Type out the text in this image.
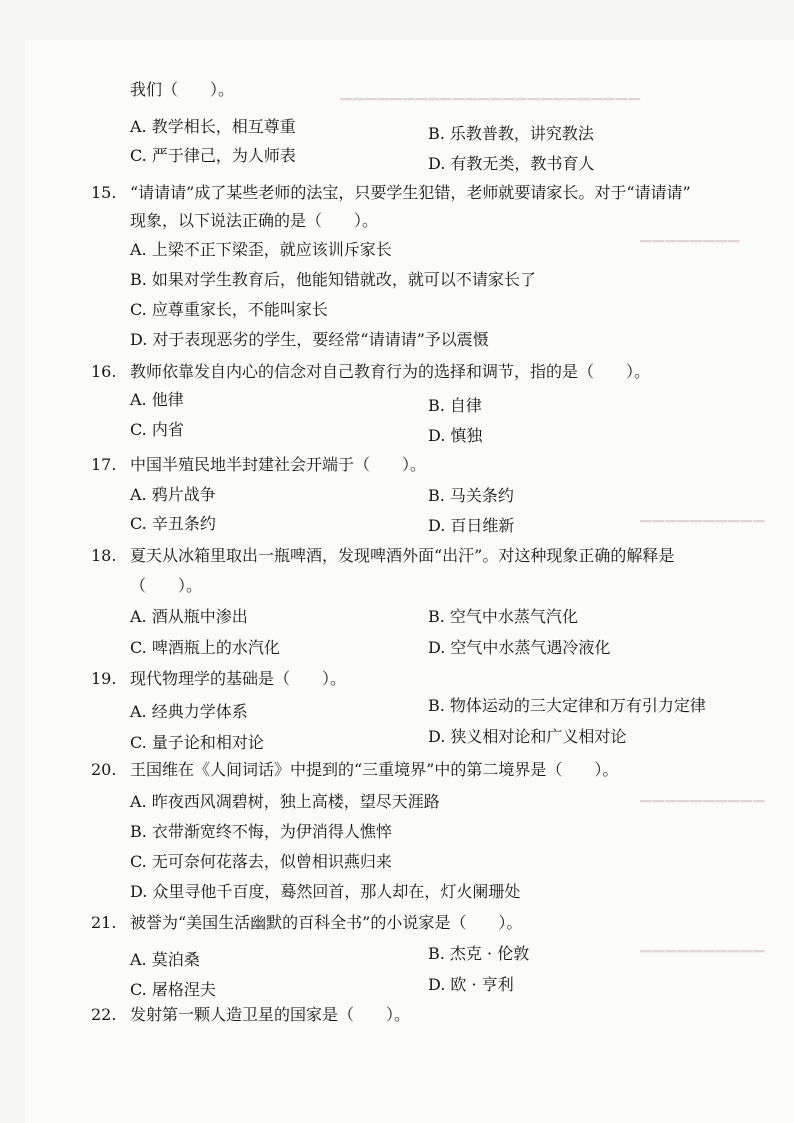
▔▔▔▔▔▔▔▔▔▔▔▔▔▔▔▔▔▔▔▔▔▔▔▔
▔▔▔▔▔▔▔▔
▔▔▔▔▔▔▔▔▔▔
▔▔▔▔▔▔▔▔▔▔
▔▔▔▔▔▔▔▔▔▔
我们（　　）。
A. 教学相长，相互尊重	B. 乐教普教，讲究教法
C. 严于律己，为人师表	D. 有教无类，教书育人
15. “请请请”成了某些老师的法宝，只要学生犯错，老师就要请家长。对于“请请请”
现象，以下说法正确的是（　　）。
A. 上梁不正下梁歪，就应该训斥家长
B. 如果对学生教育后，他能知错就改，就可以不请家长了
C. 应尊重家长，不能叫家长
D. 对于表现恶劣的学生，要经常“请请请”予以震慑
16. 教师依靠发自内心的信念对自己教育行为的选择和调节，指的是（　　）。
A. 他律	B. 自律
C. 内省	D. 慎独
17. 中国半殖民地半封建社会开端于（　　）。
A. 鸦片战争	B. 马关条约
C. 辛丑条约	D. 百日维新
18. 夏天从冰箱里取出一瓶啤酒，发现啤酒外面“出汗”。对这种现象正确的解释是
（　　）。
A. 酒从瓶中渗出	B. 空气中水蒸气汽化
C. 啤酒瓶上的水汽化	D. 空气中水蒸气遇冷液化
19. 现代物理学的基础是（　　）。
A. 经典力学体系	B. 物体运动的三大定律和万有引力定律
C. 量子论和相对论	D. 狭义相对论和广义相对论
20. 王国维在《人间词话》中提到的“三重境界”中的第二境界是（　　）。
A. 昨夜西风凋碧树，独上高楼，望尽天涯路
B. 衣带渐宽终不悔，为伊消得人憔悴
C. 无可奈何花落去，似曾相识燕归来
D. 众里寻他千百度，蓦然回首，那人却在，灯火阑珊处
21. 被誉为“美国生活幽默的百科全书”的小说家是（　　）。
A. 莫泊桑	B. 杰克 · 伦敦
C. 屠格涅夫	D. 欧 · 亨利
22. 发射第一颗人造卫星的国家是（　　）。
